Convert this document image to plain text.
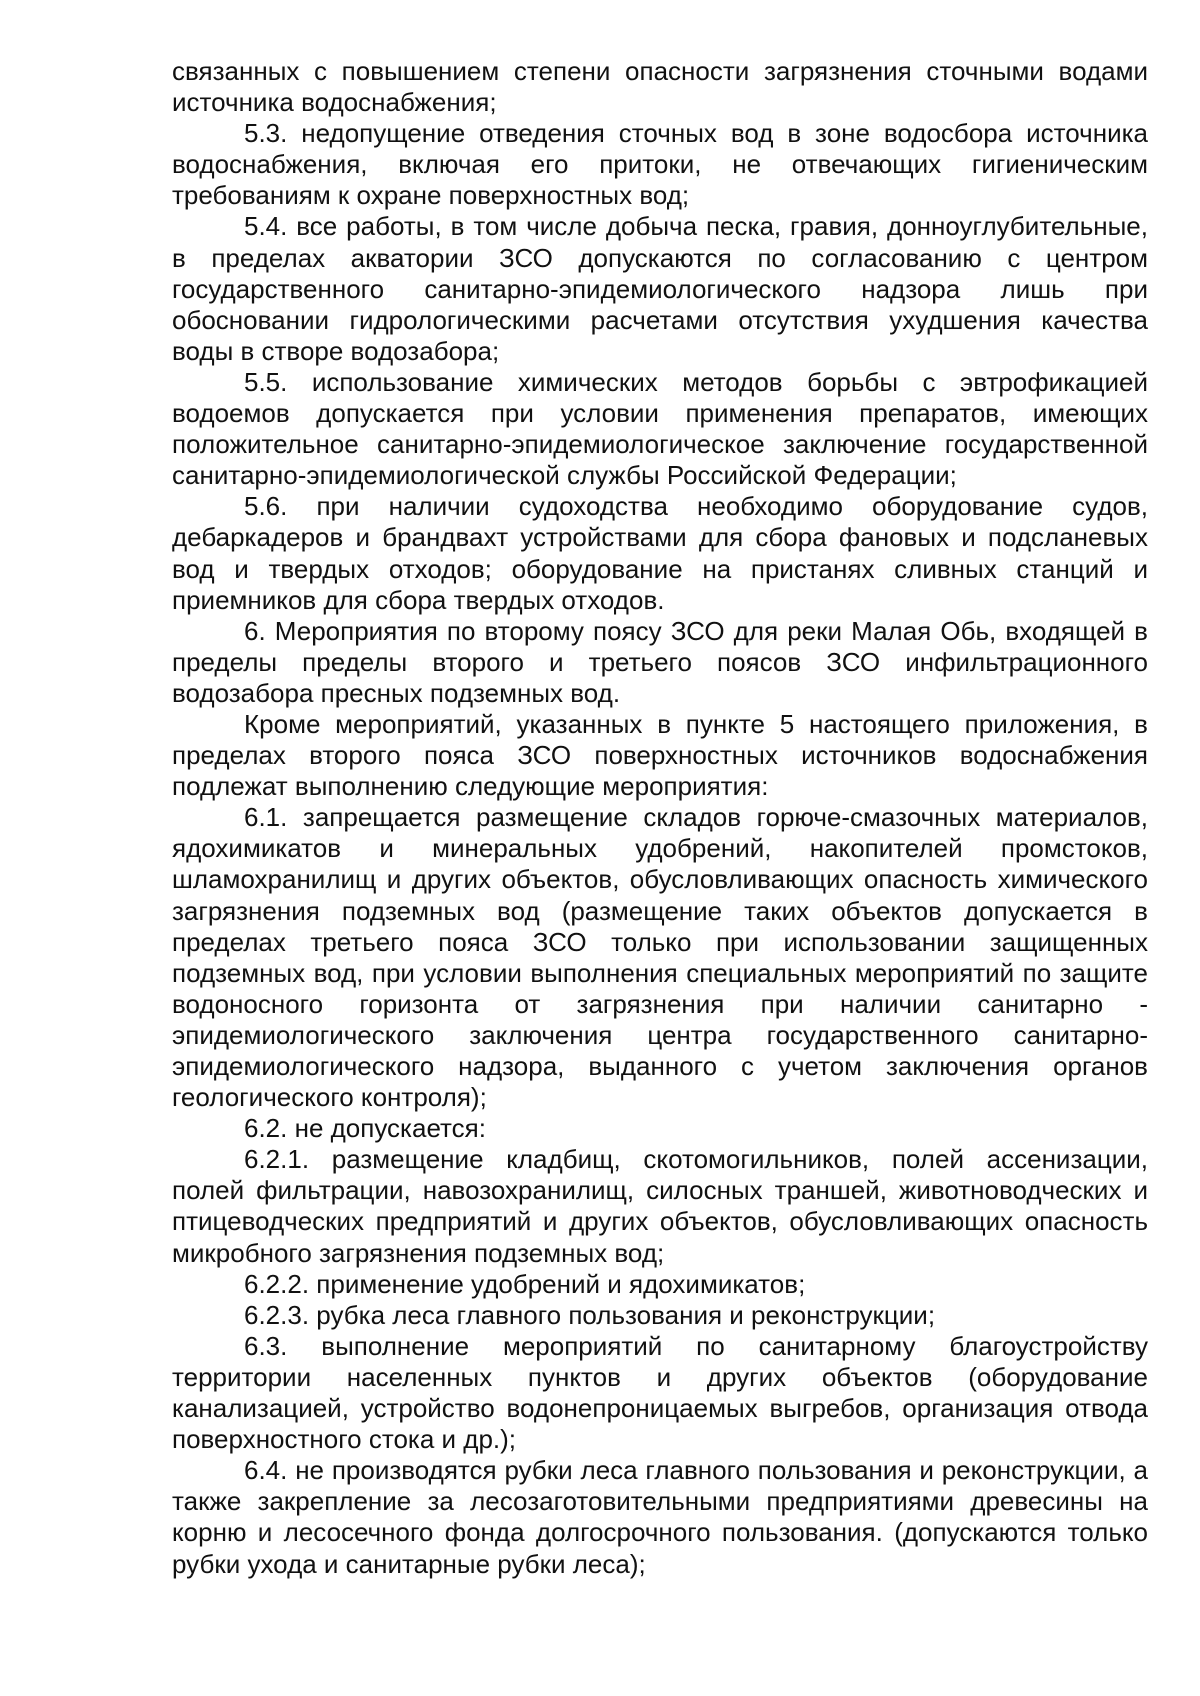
связанных с повышением степени опасности загрязнения сточными водами источника водоснабжения;

5.3. недопущение отведения сточных вод в зоне водосбора источника водоснабжения, включая его притоки, не отвечающих гигиеническим требованиям к охране поверхностных вод;

5.4. все работы, в том числе добыча песка, гравия, донноуглубительные, в пределах акватории ЗСО допускаются по согласованию с центром государственного санитарно-эпидемиологического надзора лишь при обосновании гидрологическими расчетами отсутствия ухудшения качества воды в створе водозабора;

5.5. использование химических методов борьбы с эвтрофикацией водоемов допускается при условии применения препаратов, имеющих положительное санитарно-эпидемиологическое заключение государственной санитарно-эпидемиологической службы Российской Федерации;

5.6. при наличии судоходства необходимо оборудование судов, дебаркадеров и брандвахт устройствами для сбора фановых и подсланевых вод и твердых отходов; оборудование на пристанях сливных станций и приемников для сбора твердых отходов.

6. Мероприятия по второму поясу ЗСО для реки Малая Обь, входящей в пределы пределы второго и третьего поясов ЗСО инфильтрационного водозабора пресных подземных вод.

Кроме мероприятий, указанных в пункте 5 настоящего приложения, в пределах второго пояса ЗСО поверхностных источников водоснабжения подлежат выполнению следующие мероприятия:

6.1. запрещается размещение складов горюче-смазочных материалов, ядохимикатов и минеральных удобрений, накопителей промстоков, шламохранилищ и других объектов, обусловливающих опасность химического загрязнения подземных вод (размещение таких объектов допускается в пределах третьего пояса ЗСО только при использовании защищенных подземных вод, при условии выполнения специальных мероприятий по защите водоносного горизонта от загрязнения при наличии санитарно - эпидемиологического заключения центра государственного санитарно-эпидемиологического надзора, выданного с учетом заключения органов геологического контроля);

6.2. не допускается:

6.2.1. размещение кладбищ, скотомогильников, полей ассенизации, полей фильтрации, навозохранилищ, силосных траншей, животноводческих и птицеводческих предприятий и других объектов, обусловливающих опасность микробного загрязнения подземных вод;

6.2.2. применение удобрений и ядохимикатов;

6.2.3. рубка леса главного пользования и реконструкции;

6.3. выполнение мероприятий по санитарному благоустройству территории населенных пунктов и других объектов (оборудование канализацией, устройство водонепроницаемых выгребов, организация отвода поверхностного стока и др.);

6.4. не производятся рубки леса главного пользования и реконструкции, а также закрепление за лесозаготовительными предприятиями древесины на корню и лесосечного фонда долгосрочного пользования. (допускаются только рубки ухода и санитарные рубки леса);
